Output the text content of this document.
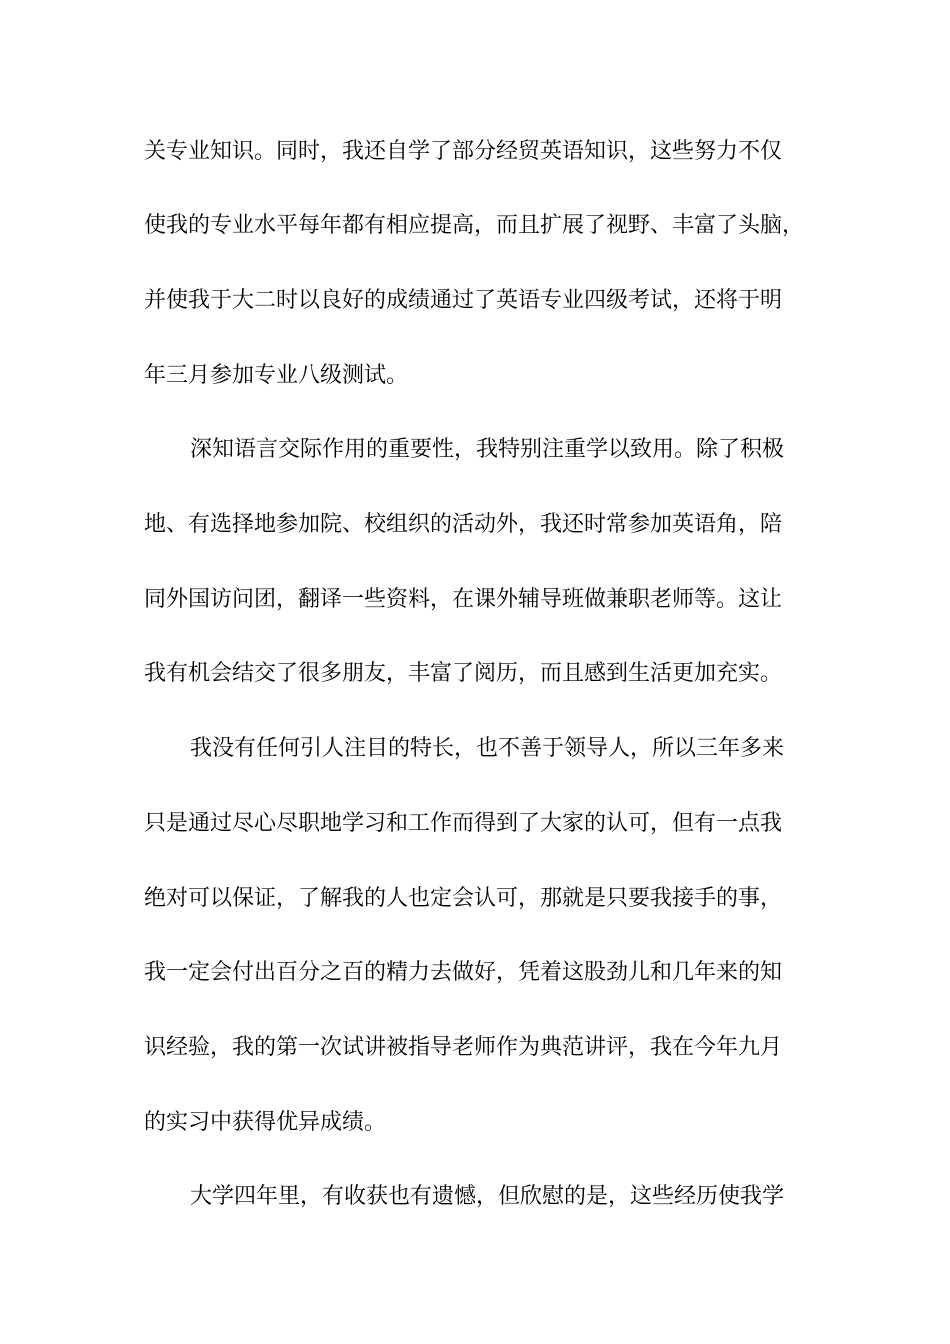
关专业知识。同时，我还自学了部分经贸英语知识，这些努力不仅
使我的专业水平每年都有相应提高，而且扩展了视野、丰富了头脑，
并使我于大二时以良好的成绩通过了英语专业四级考试，还将于明
年三月参加专业八级测试。
深知语言交际作用的重要性，我特别注重学以致用。除了积极
地、有选择地参加院、校组织的活动外，我还时常参加英语角，陪
同外国访问团，翻译一些资料，在课外辅导班做兼职老师等。这让
我有机会结交了很多朋友，丰富了阅历，而且感到生活更加充实。
我没有任何引人注目的特长，也不善于领导人，所以三年多来
只是通过尽心尽职地学习和工作而得到了大家的认可，但有一点我
绝对可以保证，了解我的人也定会认可，那就是只要我接手的事，
我一定会付出百分之百的精力去做好，凭着这股劲儿和几年来的知
识经验，我的第一次试讲被指导老师作为典范讲评，我在今年九月
的实习中获得优异成绩。
大学四年里，有收获也有遗憾，但欣慰的是，这些经历使我学
